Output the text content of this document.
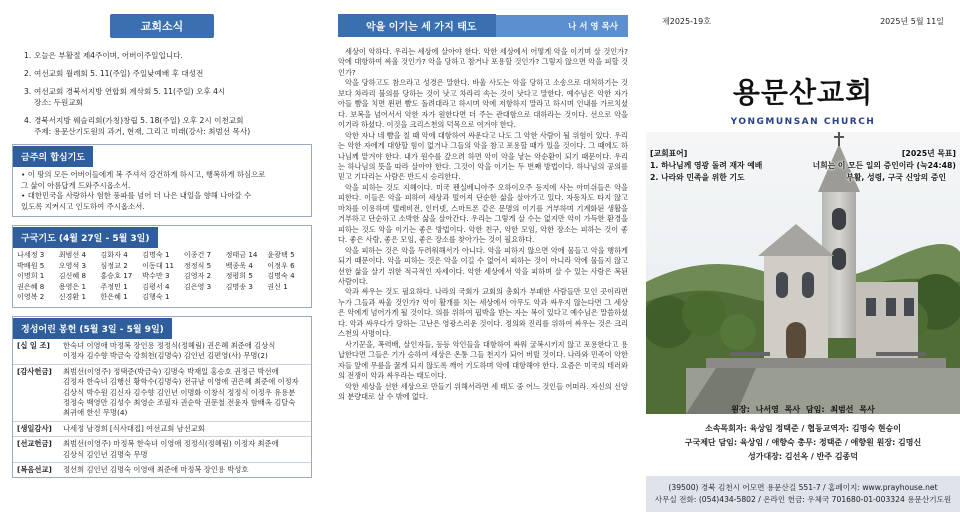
교회소식
1. 오늘은 부활절 제4주이며, 어버이주일입니다.
2. 여선교회 월례회 5. 11(주일) 주일낮예배 후 대성전
3. 여선교회 경북서지방 연합회 계삭회 5. 11(주일) 오후 4시
장소: 두원교회
4. 경북서지방 웨슬리회(가칭)창립 5. 18(주일) 오후 2시 이천교회
주제: 용문산기도원의 과거, 현재, 그리고 미래(강사: 최범선 목사)
금주의 합심기도
• 이 땅의 모든 어버이들에게 복 주셔서 강건하게 하시고, 행복하게 하심으로
그 삶이 아름답게 드와주시옵소서.
• 대한민국을 사랑하사 험한 풍파를 넘어 더 나은 내일을 향해 나아갈 수
있도록 지켜시고 인도하여 주시옵소서.
구국기도 (4월 27일 - 5월 3일)
나세정 3	최범선 4	김화자 4	김명숙 1	이종건 7	정태금 14	윤광택 5
박배원 5	오영석 3	심정교 2	이동대 11	정정식 5	백종욱 4	이정우 6
이명희 1	김신혜 8	홍승호 17	박수만 3	김영자 2	정평희 5	김명숙 4
권은혜 8	용영은 1	주정민 1	김평서 4	김은영 3	김명송 3	권신 1
이영복 2	신경환 1	한은혜 1	김행숙 1
정성어린 봉헌 (5월 3일 - 5월 9일)
[십 일 조]	한숙녀 이영애 마정복 장인용 정정식(정혜림) 권은혜 최준애 김상식
이정자 김수향 박금숙 강희천(김명숙) 김인년 김편영(사) 무명(2)
[감사헌금]	최범선(이영주) 정택준(박금숙) 김명숙 박재일 홍승호 권정근 박선애
김정자 한숙녀 김행신 황학수(김명숙) 전규남 이영애 권은혜 최준애 이정자
김상식 박수원 김신자 김수향 김인년 이명화 이창식 정정식 이정우 유용분
정정숙 백영만 김성수 최영순 조필자 권순학 권문철 전윤자 함배옥 김달숙
최귀애 한신 무명(4)
[생일감사]	나세정 남경희 [식사대접] 여선교회 남선교회
[선교헌금]	최범선(이영주) 마정복 한숙녀 이영애 정정식(정혜림) 이정자 최준애
김상식 김인년 김명숙 무명
[복음선교]	정선희 김인년 김명숙 이영애 최준애 마정복 장인용 박성호
악을 이기는 세 가지 태도	나 서 영 목사

세상이 악하다. 우리는 세상에 살아야 한다. 악한 세상에서 어떻게 악을 이기며 살 것인가? 악에 대항하여 싸울 것인가? 악을 당하고 참거나 포용할 것인가? 그렇지 않으면 악을 피할 것인가?

악을 당하고도 참으라고 성경은 말한다. 바울 사도는 악을 당하고 소송으로 대처하기는 것보다 차라리 불의를 당하는 것이 낫고 차라리 속는 것이 낫다고 말한다. 예수님은 악한 자가 아들 뺨을 치면 왼편 뺨도 돌려대라고 하시며 악에 저항하지 말라고 하시며 인내를 가르치셨다. 보복을 넘어서서 악한 자가 원한다면 더 주는 관대함으로 대하라는 것이다. 선으로 악을 이기라 하셨다. 이것을 크리스천의 덕목으로 여겨야 한다.

악한 자나 네 뺨을 칠 때 악에 대항하여 싸운다고 나도 그 악한 사람이 될 위험이 있다. 우리는 악한 자에게 대항할 힘이 없거나 그들의 악을 참고 포용할 때가 있을 것이다. 그 때에도 하나님께 맡겨야 한다. 내가 원수를 갚으려 하면 악이 악을 낳는 악순환이 되기 때문이다. 우리는 하나님의 뜻을 따라 살아야 한다. 그것이 악을 이기는 두 번째 방법이다. 하나님의 공의를 믿고 기다리는 사람은 반드시 승리한다.

악을 피하는 것도 지혜이다. 미국 펜실베니아주 오하이오주 등지에 사는 아미쉬들은 악을 피한다. 이들은 악을 피하여 세상과 떨어져 단순한 삶을 살아가고 있다. 자동차도 타지 않고 마차를 이용하며 텔레비전, 인터넷, 스마트폰 같은 문명의 이기를 거부하며 기계화된 생활을 거부하고 단순하고 소박한 삶을 살아간다. 우리는 그렇게 살 수는 없지만 악이 가득한 환경을 피하는 것도 악을 이기는 좋은 방법이다. 악한 친구, 악한 모임, 악한 장소는 피하는 것이 좋다. 좋은 사람, 좋은 모임, 좋은 장소를 찾아가는 것이 필요하다.

악을 피하는 것은 악을 두려워해서가 아니다. 악을 피하지 않으면 악에 물들고 악을 행하게 되기 때문이다. 악을 피하는 것은 악을 이길 수 없어서 피하는 것이 아니라 악에 물들지 않고 선한 삶을 살기 위한 적극적인 자세이다. 악한 세상에서 악을 피하며 살 수 있는 사람은 복된 사람이다.

악과 싸우는 것도 필요하다. 나라의 국회가 교회의 총회가 부패한 사람들만 모인 곳이라면 누가 그들과 싸울 것인가? 악이 활개를 치는 세상에서 아무도 악과 싸우지 않는다면 그 세상은 악에게 넘어가게 될 것이다. 의를 위하여 핍박을 받는 자는 복이 있다고 예수님은 말씀하셨다. 악과 싸우다가 당하는 고난은 영광스러운 것이다. 정의와 진리를 위하여 싸우는 것은 크리스천의 사명이다.

사기꾼을, 폭력배, 살인자들, 등등 악인들을 대항하여 싸워 굴복시키지 않고 포용한다고 용납한다면 그들은 기가 승하여 세상은 온통 그들 천지가 되어 버릴 것이다. 나라와 민족이 악한 자들 앞에 무릎을 꿇게 되지 않도록 깨어 기도하며 악에 대항해야 한다. 요즘은 미국의 테러와의 전쟁이 악과 싸우라는 태도이다.

악한 세상을 선한 세상으로 만들기 위해서라면 세 태도 중 어느 것인들 어떠라. 자신의 신앙의 분량대로 살 수 밖에 없다.

제2025-19호	2025년 5월 11일
용문산교회
YONGMUNSAN CHURCH
[교회표어]
1. 하나님께 영광 돌려 재자 예배
2. 나라와 민족을 위한 기도
[2025년 목표]
너희는 이 모든 일의 증인이라 (눅24:48)
부활, 성령, 구국 신앙의 증인
원장: 나서영 목사 담임: 최범선 목사
소속목회자: 육상임 정택준 / 협동교역자: 김명숙 현승이
구국제단 담임: 육상임 / 애향숙 총무: 정택준 / 애향원 원장: 김명신
성가대장: 김선옥 / 반주 김종덕
(39500) 경북 김천시 어모면 용문산길 551-7 / 홈페이지: www.prayhouse.net
사무실 전화: (054)434-5802 / 온라인 헌금: 우체국 701680-01-003324 용문산기도원
